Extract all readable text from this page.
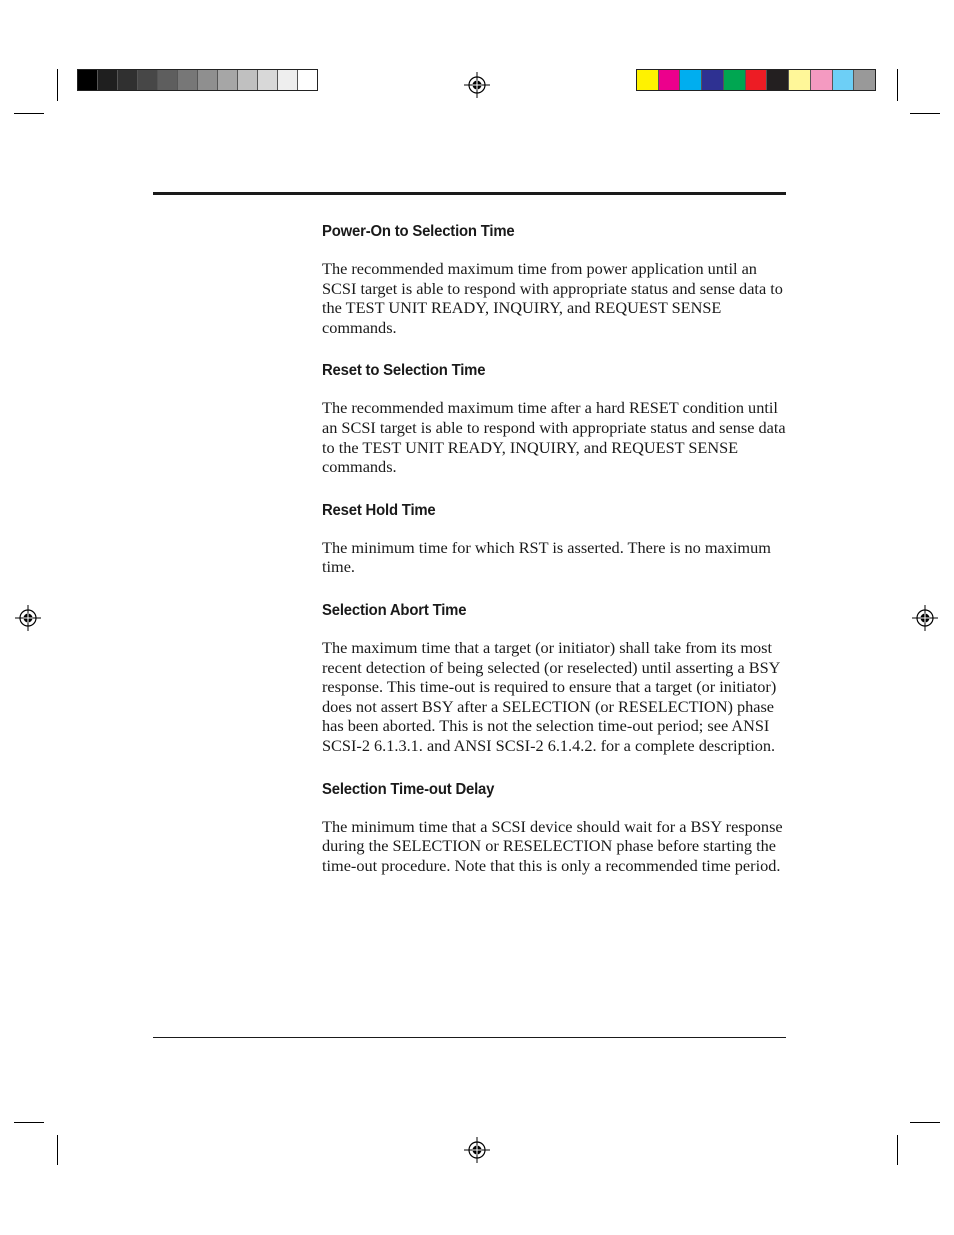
Power-On to Selection Time

The recommended maximum time from power application until an SCSI target is able to respond with appropriate status and sense data to the TEST UNIT READY, INQUIRY, and REQUEST SENSE commands.

Reset to Selection Time

The recommended maximum time after a hard RESET condition until an SCSI target is able to respond with appropriate status and sense data to the TEST UNIT READY, INQUIRY, and REQUEST SENSE commands.

Reset Hold Time

The minimum time for which RST is asserted. There is no maximum time.

Selection Abort Time

The maximum time that a target (or initiator) shall take from its most recent detection of being selected (or reselected) until asserting a BSY response. This time-out is required to ensure that a target (or initiator) does not assert BSY after a SELECTION (or RESELECTION) phase has been aborted. This is not the selection time-out period; see ANSI SCSI-2 6.1.3.1. and ANSI SCSI-2 6.1.4.2. for a complete description.

Selection Time-out Delay

The minimum time that a SCSI device should wait for a BSY response during the SELECTION or RESELECTION phase before starting the time-out procedure. Note that this is only a recommended time period.
